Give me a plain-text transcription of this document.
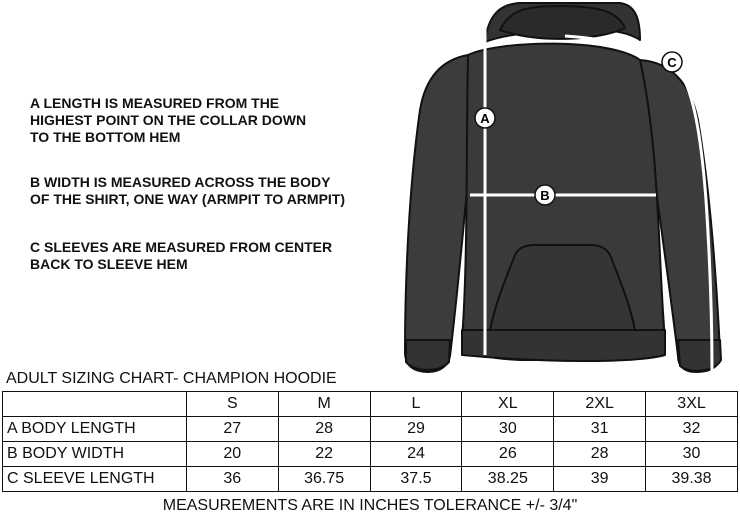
A LENGTH IS MEASURED FROM THE
HIGHEST POINT ON THE COLLAR DOWN
TO THE BOTTOM HEM
B WIDTH IS MEASURED ACROSS THE BODY
OF THE SHIRT, ONE WAY (ARMPIT TO ARMPIT)
C SLEEVES ARE MEASURED FROM CENTER
BACK TO SLEEVE HEM
A
B
C
ADULT SIZING CHART- CHAMPION HOODIE
	S	M	L	XL	2XL	3XL
A BODY LENGTH	27	28	29	30	31	32
B BODY WIDTH	20	22	24	26	28	30
C SLEEVE LENGTH	36	36.75	37.5	38.25	39	39.38
MEASUREMENTS ARE IN INCHES TOLERANCE +/- 3/4"
